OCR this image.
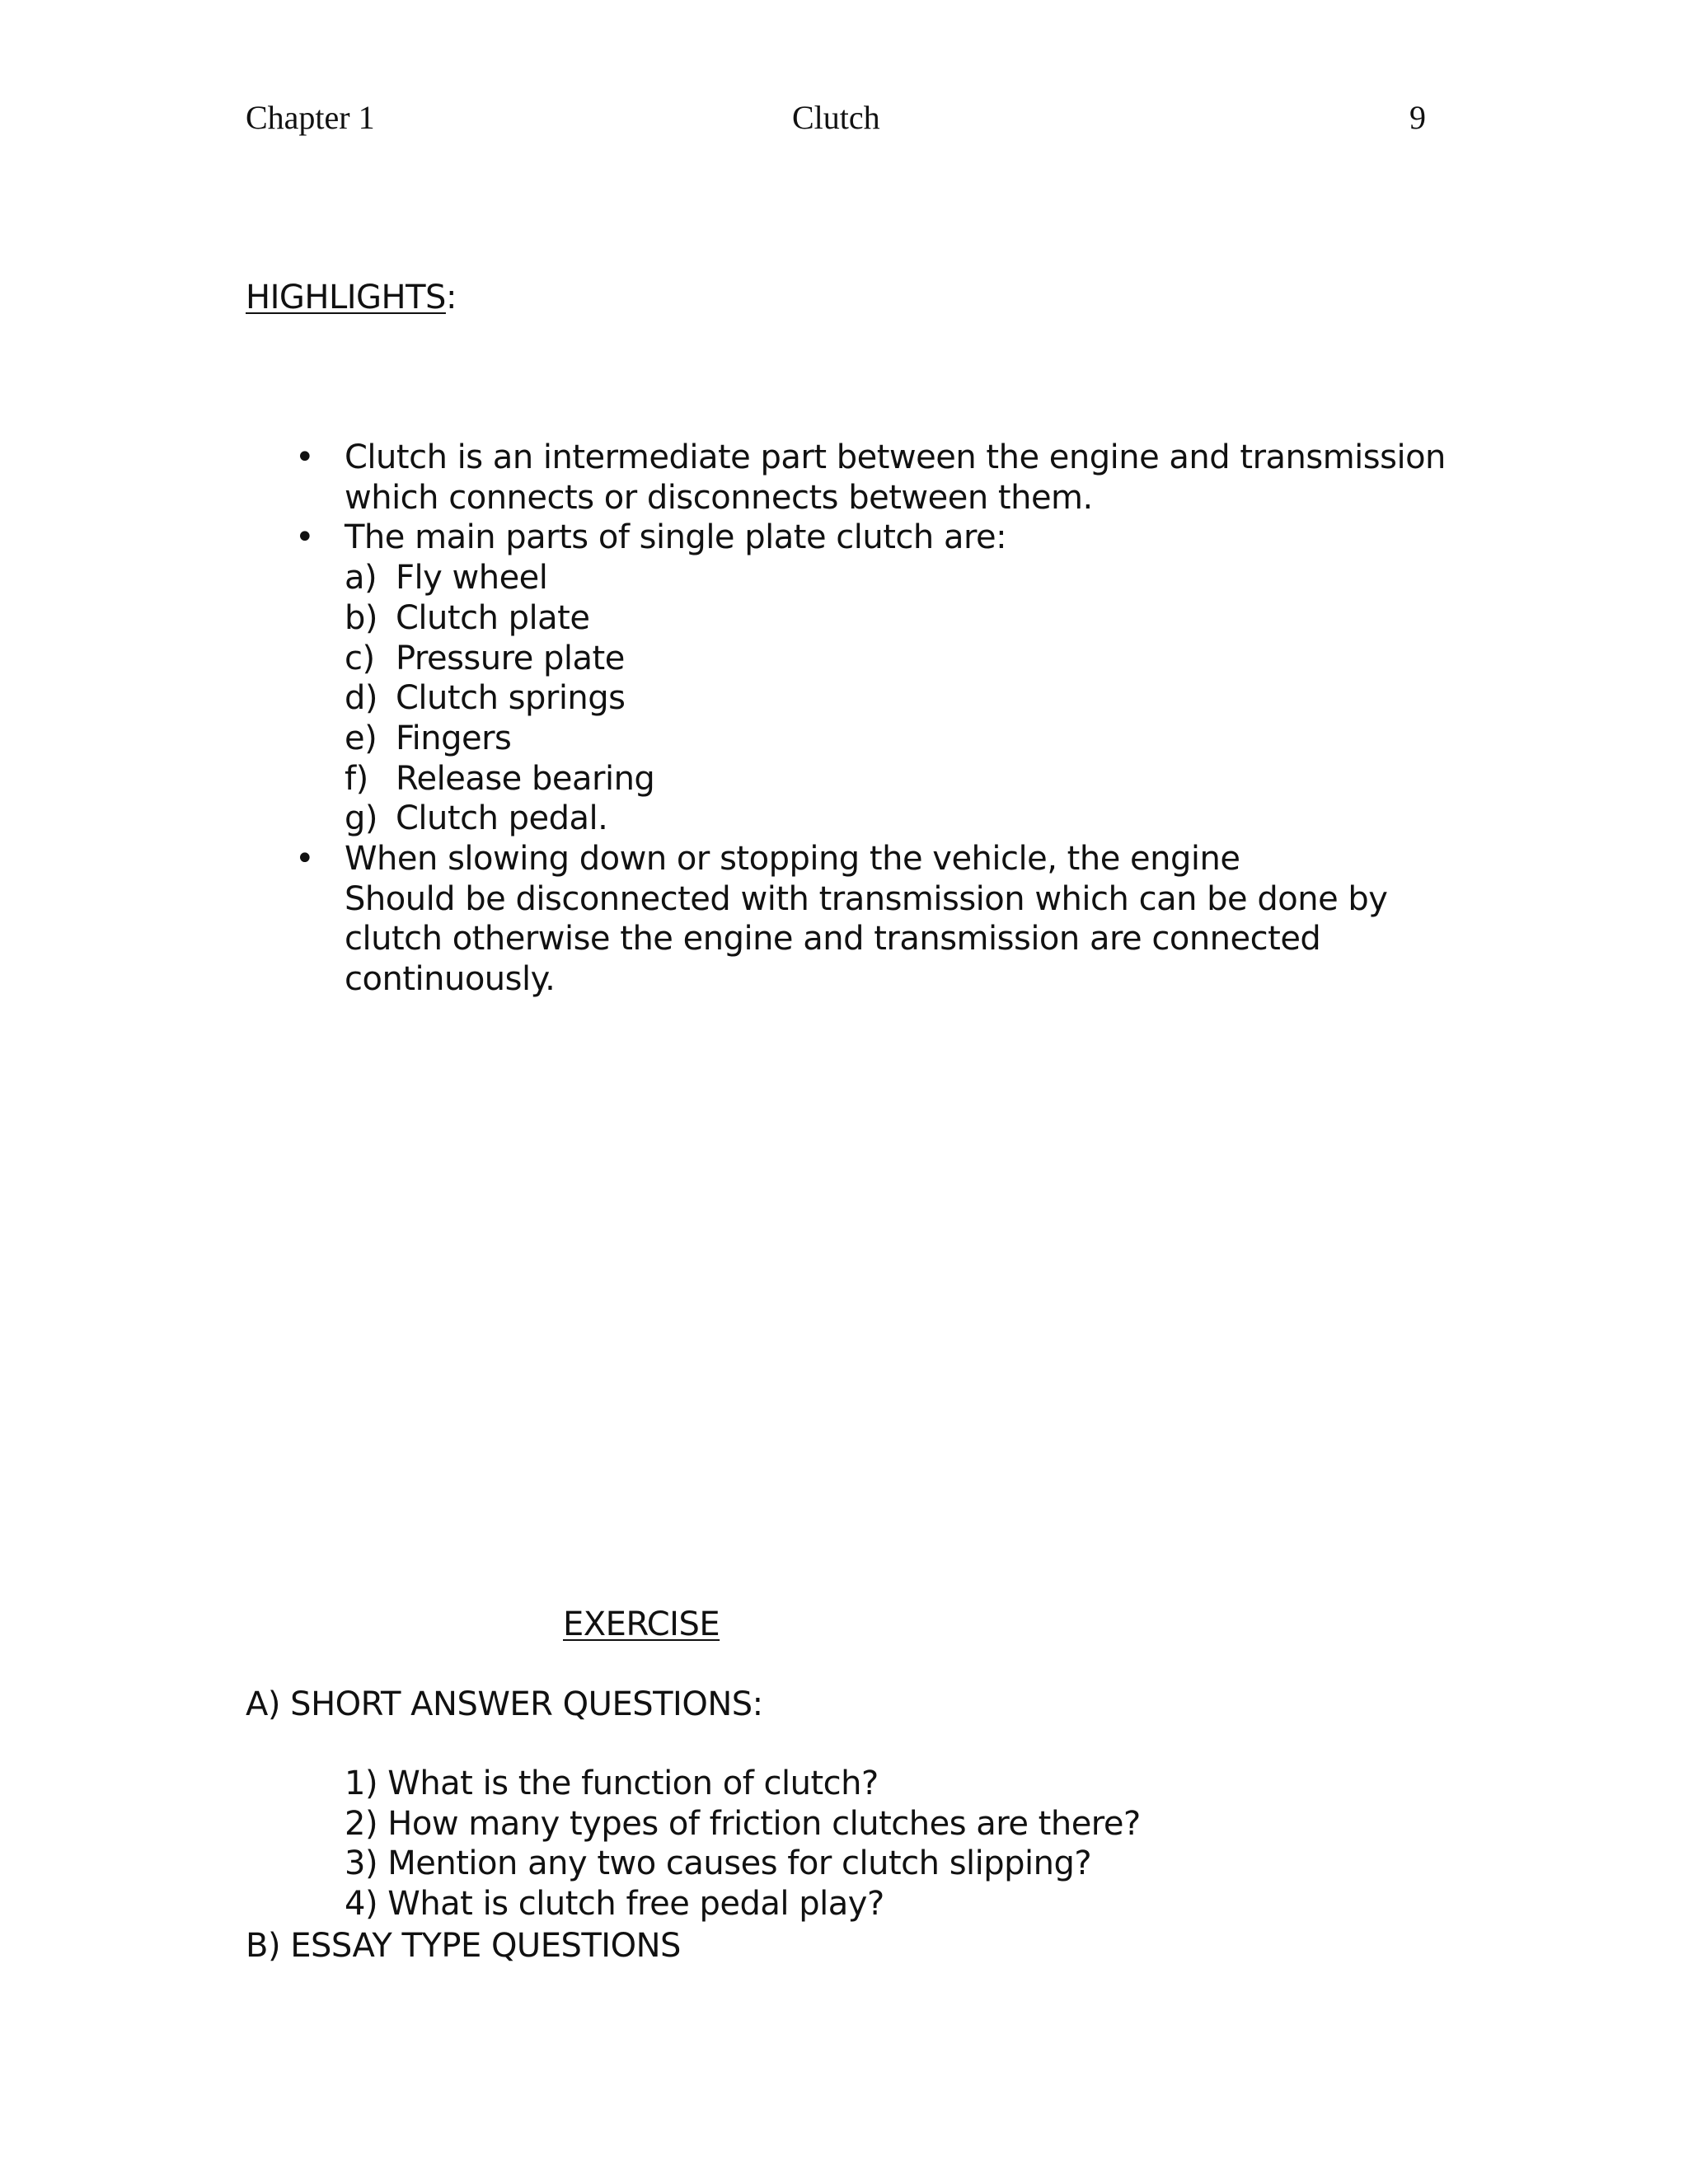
Chapter 1	Clutch	9
HIGHLIGHTS:
• Clutch is an intermediate part between the engine and transmission
which connects or disconnects between them.
• The main parts of single plate clutch are:
a) Fly wheel
b) Clutch plate
c) Pressure plate
d) Clutch springs
e) Fingers
f) Release bearing
g) Clutch pedal.
• When slowing down or stopping the vehicle, the engine
Should be disconnected with transmission which can be done by
clutch otherwise the engine and transmission are connected
continuously.
EXERCISE
A) SHORT ANSWER QUESTIONS:
1) What is the function of clutch?
2) How many types of friction clutches are there?
3) Mention any two causes for clutch slipping?
4) What is clutch free pedal play?
B) ESSAY TYPE QUESTIONS
